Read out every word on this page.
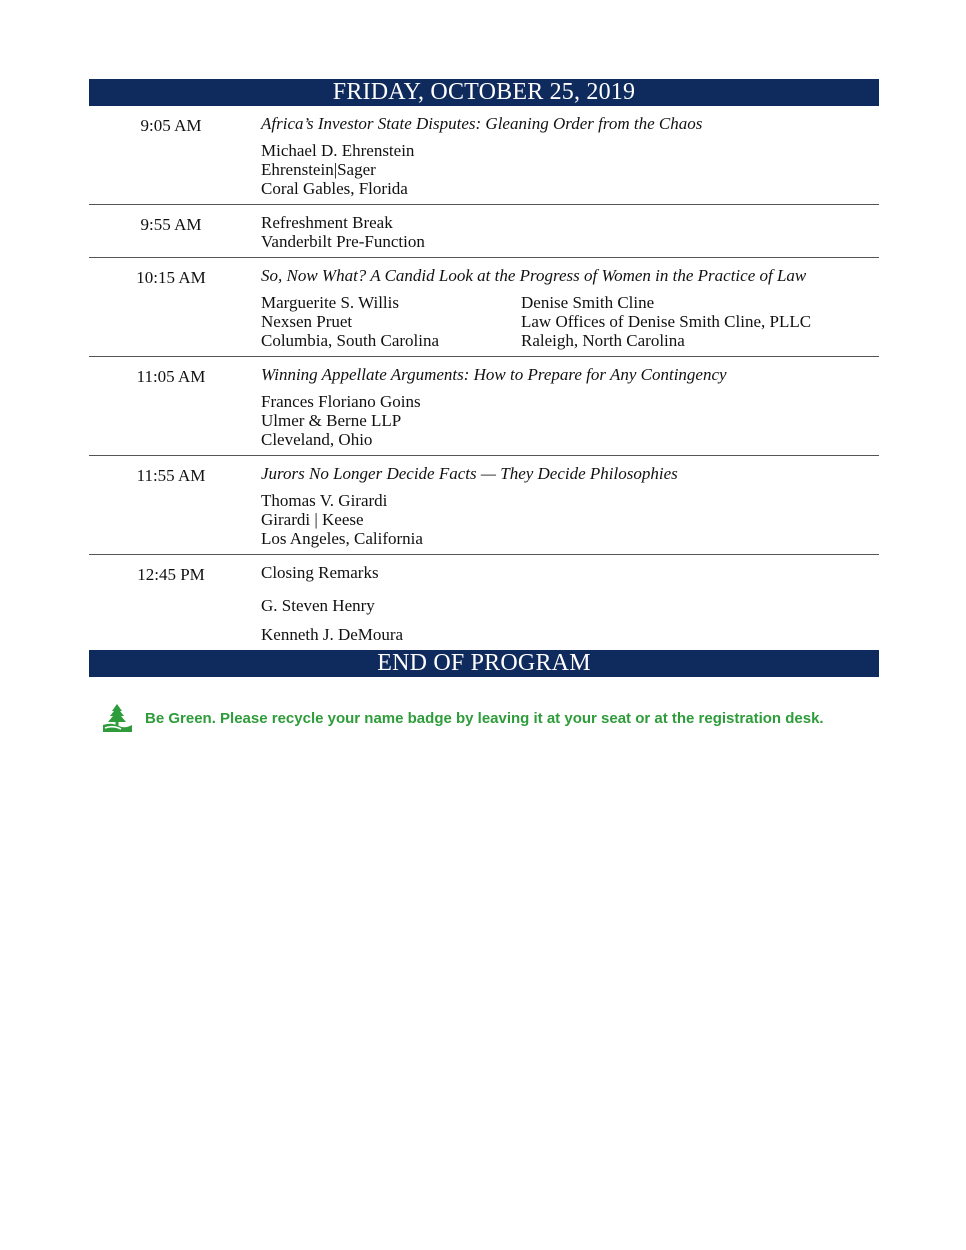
FRIDAY, OCTOBER 25, 2019
9:05 AM	Africa’s Investor State Disputes: Gleaning Order from the Chaos
Michael D. Ehrenstein
Ehrenstein|Sager
Coral Gables, Florida
9:55 AM	Refreshment Break
Vanderbilt Pre-Function
10:15 AM	So, Now What? A Candid Look at the Progress of Women in the Practice of Law
Marguerite S. Willis
Nexsen Pruet
Columbia, South Carolina
Denise Smith Cline
Law Offices of Denise Smith Cline, PLLC
Raleigh, North Carolina
11:05 AM	Winning Appellate Arguments: How to Prepare for Any Contingency
Frances Floriano Goins
Ulmer & Berne LLP
Cleveland, Ohio
11:55 AM	Jurors No Longer Decide Facts — They Decide Philosophies
Thomas V. Girardi
Girardi | Keese
Los Angeles, California
12:45 PM	Closing Remarks
G. Steven Henry
Kenneth J. DeMoura
END OF PROGRAM
Be Green. Please recycle your name badge by leaving it at your seat or at the registration desk.
